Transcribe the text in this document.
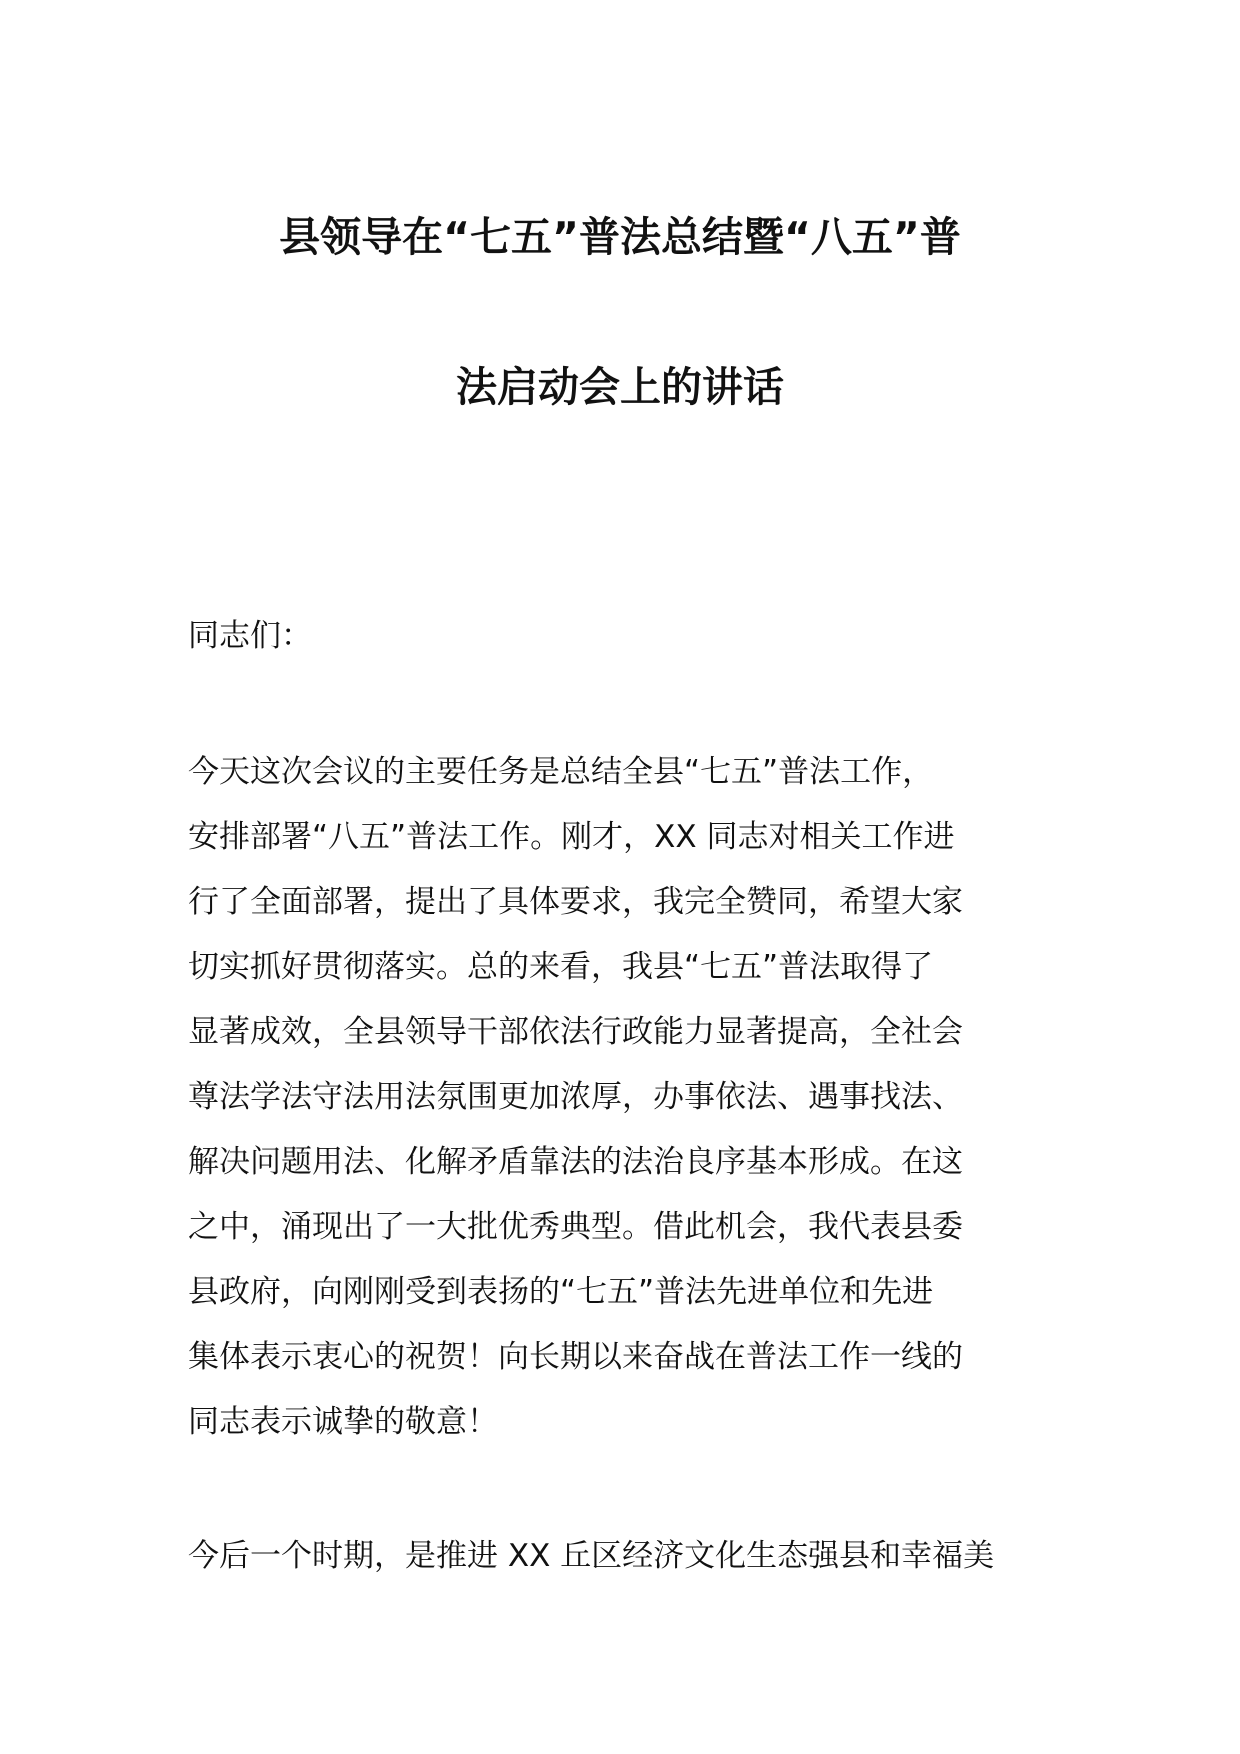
县领导在“七五”普法总结暨“八五”普
法启动会上的讲话
同志们：
今天这次会议的主要任务是总结全县“七五”普法工作，
安排部署“八五”普法工作。刚才，XX 同志对相关工作进
行了全面部署，提出了具体要求，我完全赞同，希望大家
切实抓好贯彻落实。总的来看，我县“七五”普法取得了
显著成效，全县领导干部依法行政能力显著提高，全社会
尊法学法守法用法氛围更加浓厚，办事依法、遇事找法、
解决问题用法、化解矛盾靠法的法治良序基本形成。在这
之中，涌现出了一大批优秀典型。借此机会，我代表县委
县政府，向刚刚受到表扬的“七五”普法先进单位和先进
集体表示衷心的祝贺！向长期以来奋战在普法工作一线的
同志表示诚挚的敬意！
今后一个时期，是推进 XX 丘区经济文化生态强县和幸福美
